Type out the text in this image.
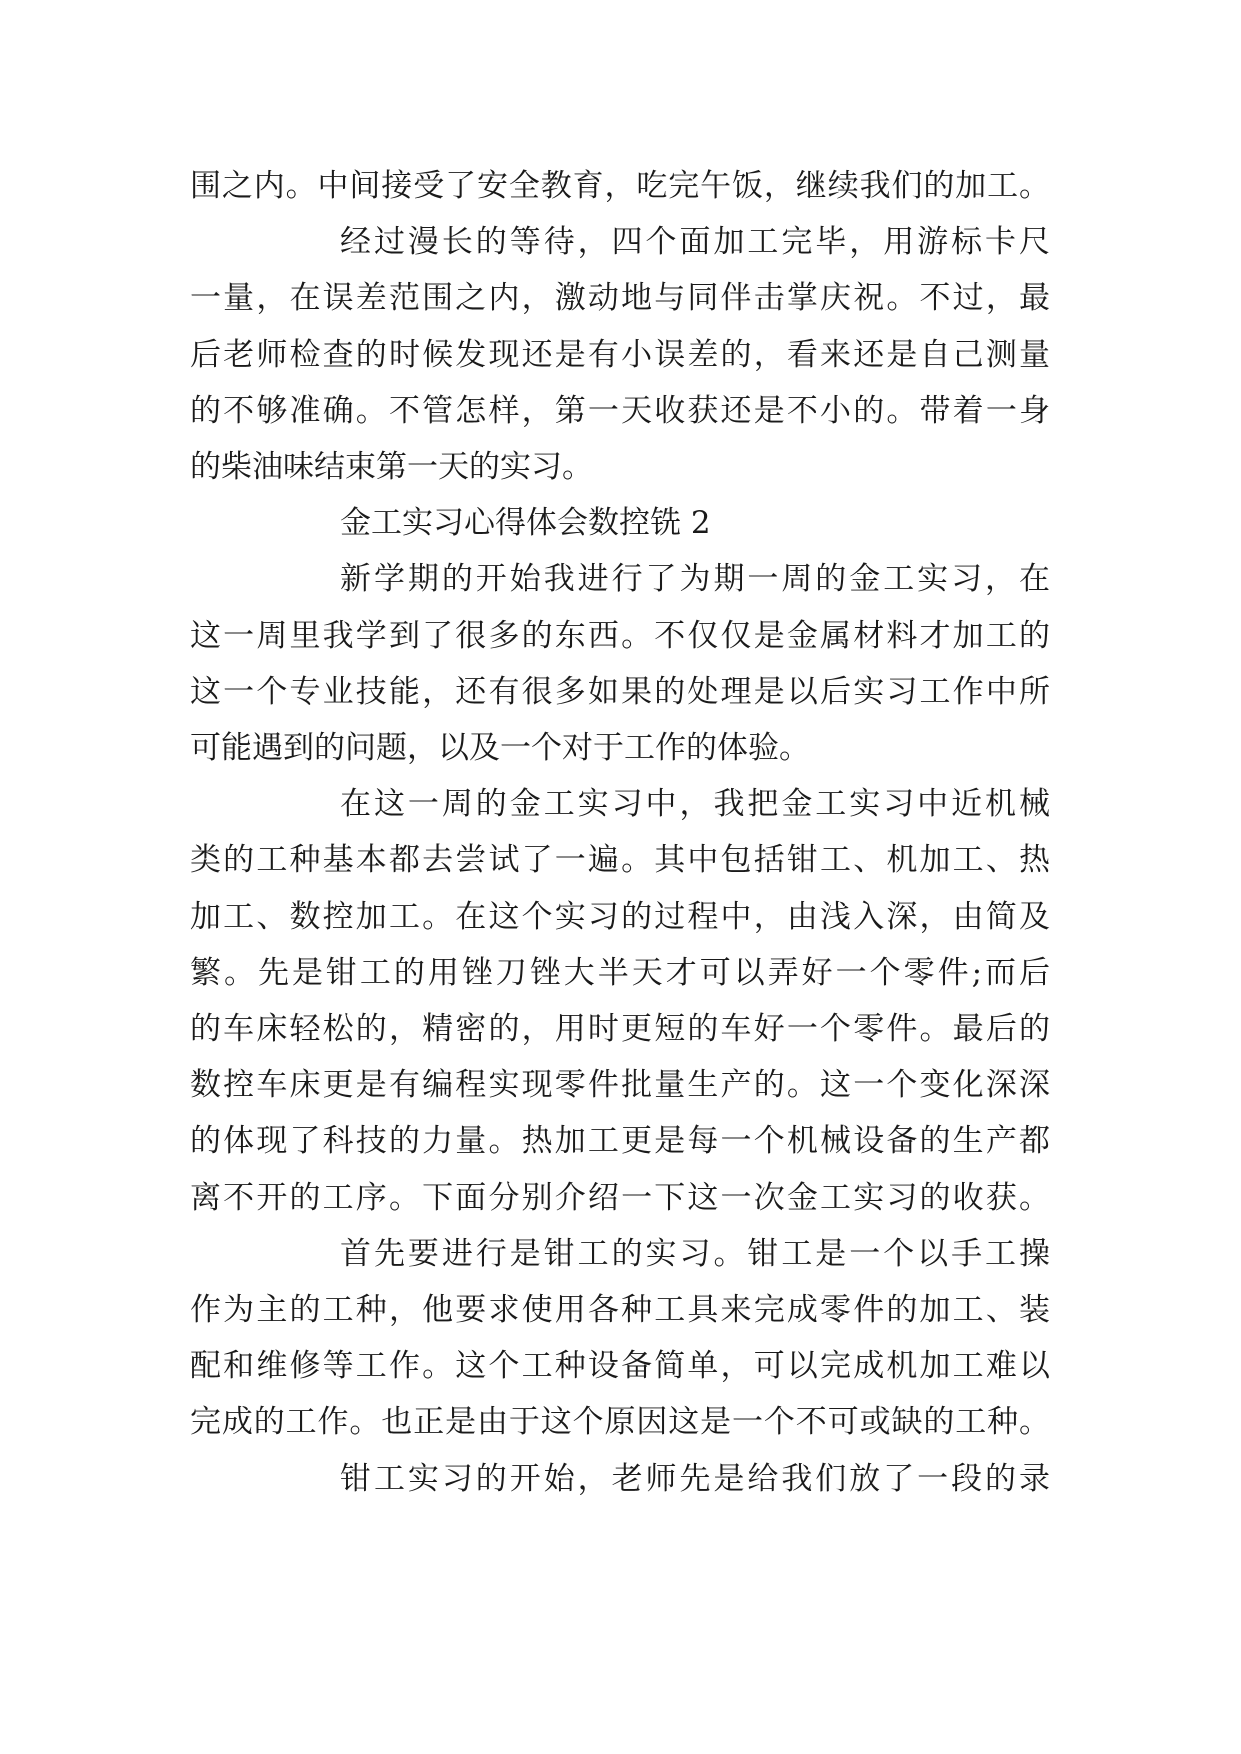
围之内。中间接受了安全教育，吃完午饭，继续我们的加工。
经过漫长的等待，四个面加工完毕，用游标卡尺
一量，在误差范围之内，激动地与同伴击掌庆祝。不过，最
后老师检查的时候发现还是有小误差的，看来还是自己测量
的不够准确。不管怎样，第一天收获还是不小的。带着一身
的柴油味结束第一天的实习。
金工实习心得体会数控铣 2
新学期的开始我进行了为期一周的金工实习，在
这一周里我学到了很多的东西。不仅仅是金属材料才加工的
这一个专业技能，还有很多如果的处理是以后实习工作中所
可能遇到的问题，以及一个对于工作的体验。
在这一周的金工实习中，我把金工实习中近机械
类的工种基本都去尝试了一遍。其中包括钳工、机加工、热
加工、数控加工。在这个实习的过程中，由浅入深，由简及
繁。先是钳工的用锉刀锉大半天才可以弄好一个零件;而后
的车床轻松的，精密的，用时更短的车好一个零件。最后的
数控车床更是有编程实现零件批量生产的。这一个变化深深
的体现了科技的力量。热加工更是每一个机械设备的生产都
离不开的工序。下面分别介绍一下这一次金工实习的收获。
首先要进行是钳工的实习。钳工是一个以手工操
作为主的工种，他要求使用各种工具来完成零件的加工、装
配和维修等工作。这个工种设备简单，可以完成机加工难以
完成的工作。也正是由于这个原因这是一个不可或缺的工种。
钳工实习的开始，老师先是给我们放了一段的录
